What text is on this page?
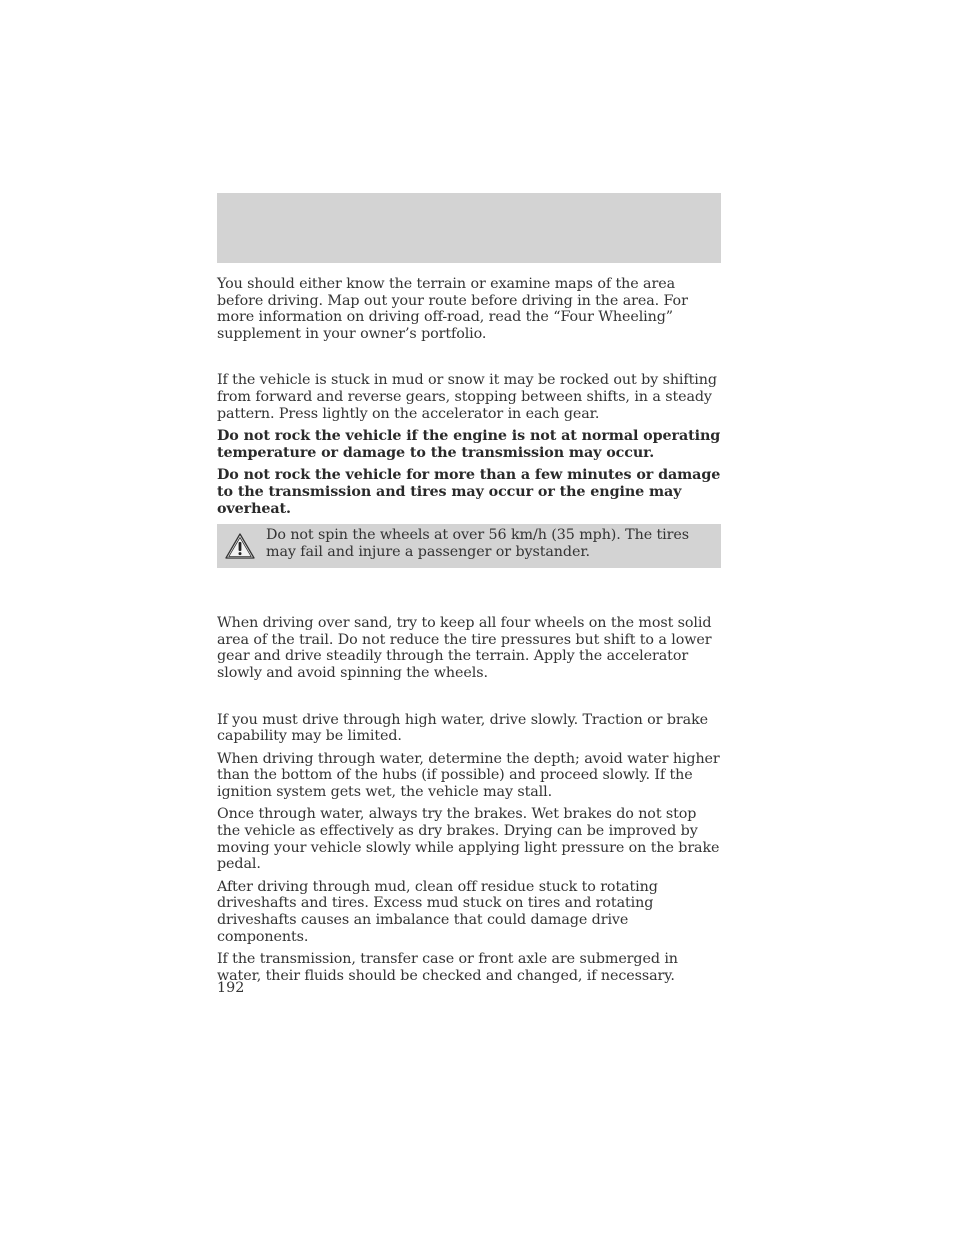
You should either know the terrain or examine maps of the area before driving. Map out your route before driving in the area. For more information on driving off-road, read the “Four Wheeling” supplement in your owner’s portfolio.

If the vehicle is stuck in mud or snow it may be rocked out by shifting from forward and reverse gears, stopping between shifts, in a steady pattern. Press lightly on the accelerator in each gear.

Do not rock the vehicle if the engine is not at normal operating temperature or damage to the transmission may occur.

Do not rock the vehicle for more than a few minutes or damage to the transmission and tires may occur or the engine may overheat.

Do not spin the wheels at over 56 km/h (35 mph). The tires may fail and injure a passenger or bystander.

When driving over sand, try to keep all four wheels on the most solid area of the trail. Do not reduce the tire pressures but shift to a lower gear and drive steadily through the terrain. Apply the accelerator slowly and avoid spinning the wheels.

If you must drive through high water, drive slowly. Traction or brake capability may be limited.

When driving through water, determine the depth; avoid water higher than the bottom of the hubs (if possible) and proceed slowly. If the ignition system gets wet, the vehicle may stall.

Once through water, always try the brakes. Wet brakes do not stop the vehicle as effectively as dry brakes. Drying can be improved by moving your vehicle slowly while applying light pressure on the brake pedal.

After driving through mud, clean off residue stuck to rotating driveshafts and tires. Excess mud stuck on tires and rotating driveshafts causes an imbalance that could damage drive components.

If the transmission, transfer case or front axle are submerged in water, their fluids should be checked and changed, if necessary.

192
